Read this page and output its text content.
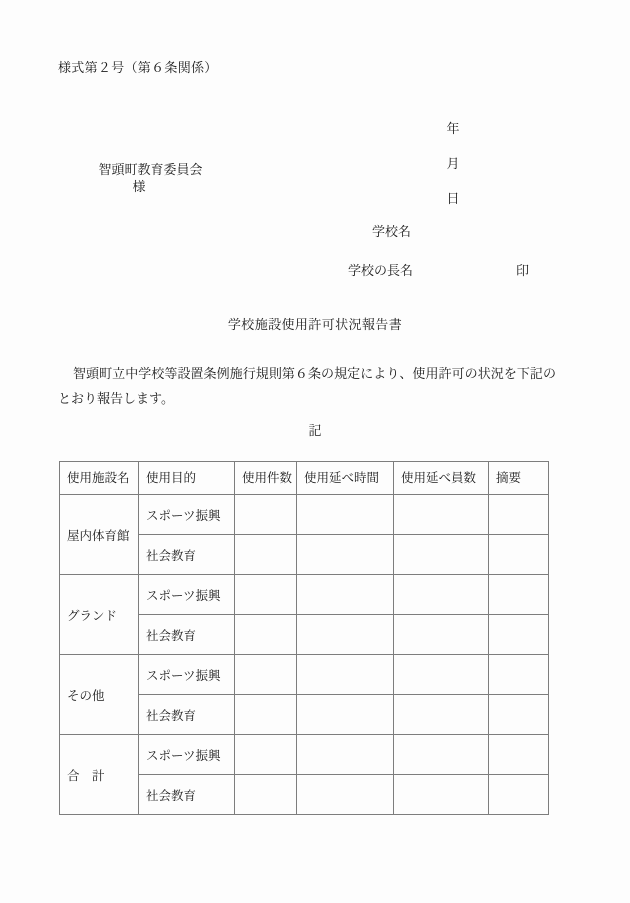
様式第２号（第６条関係）

年

月

日

智頭町教育委員会
様

学校名
学校の長名	印
学校施設使用許可状況報告書
智頭町立中学校等設置条例施行規則第６条の規定により、使用許可の状況を下記のとおり報告します。
記
使用施設名	使用目的	使用件数	使用延べ時間	使用延べ員数	摘要
屋内体育館	スポーツ振興				
	社会教育				
グランド	スポーツ振興				
	社会教育				
その他	スポーツ振興				
	社会教育				
合　計	スポーツ振興				
	社会教育				
